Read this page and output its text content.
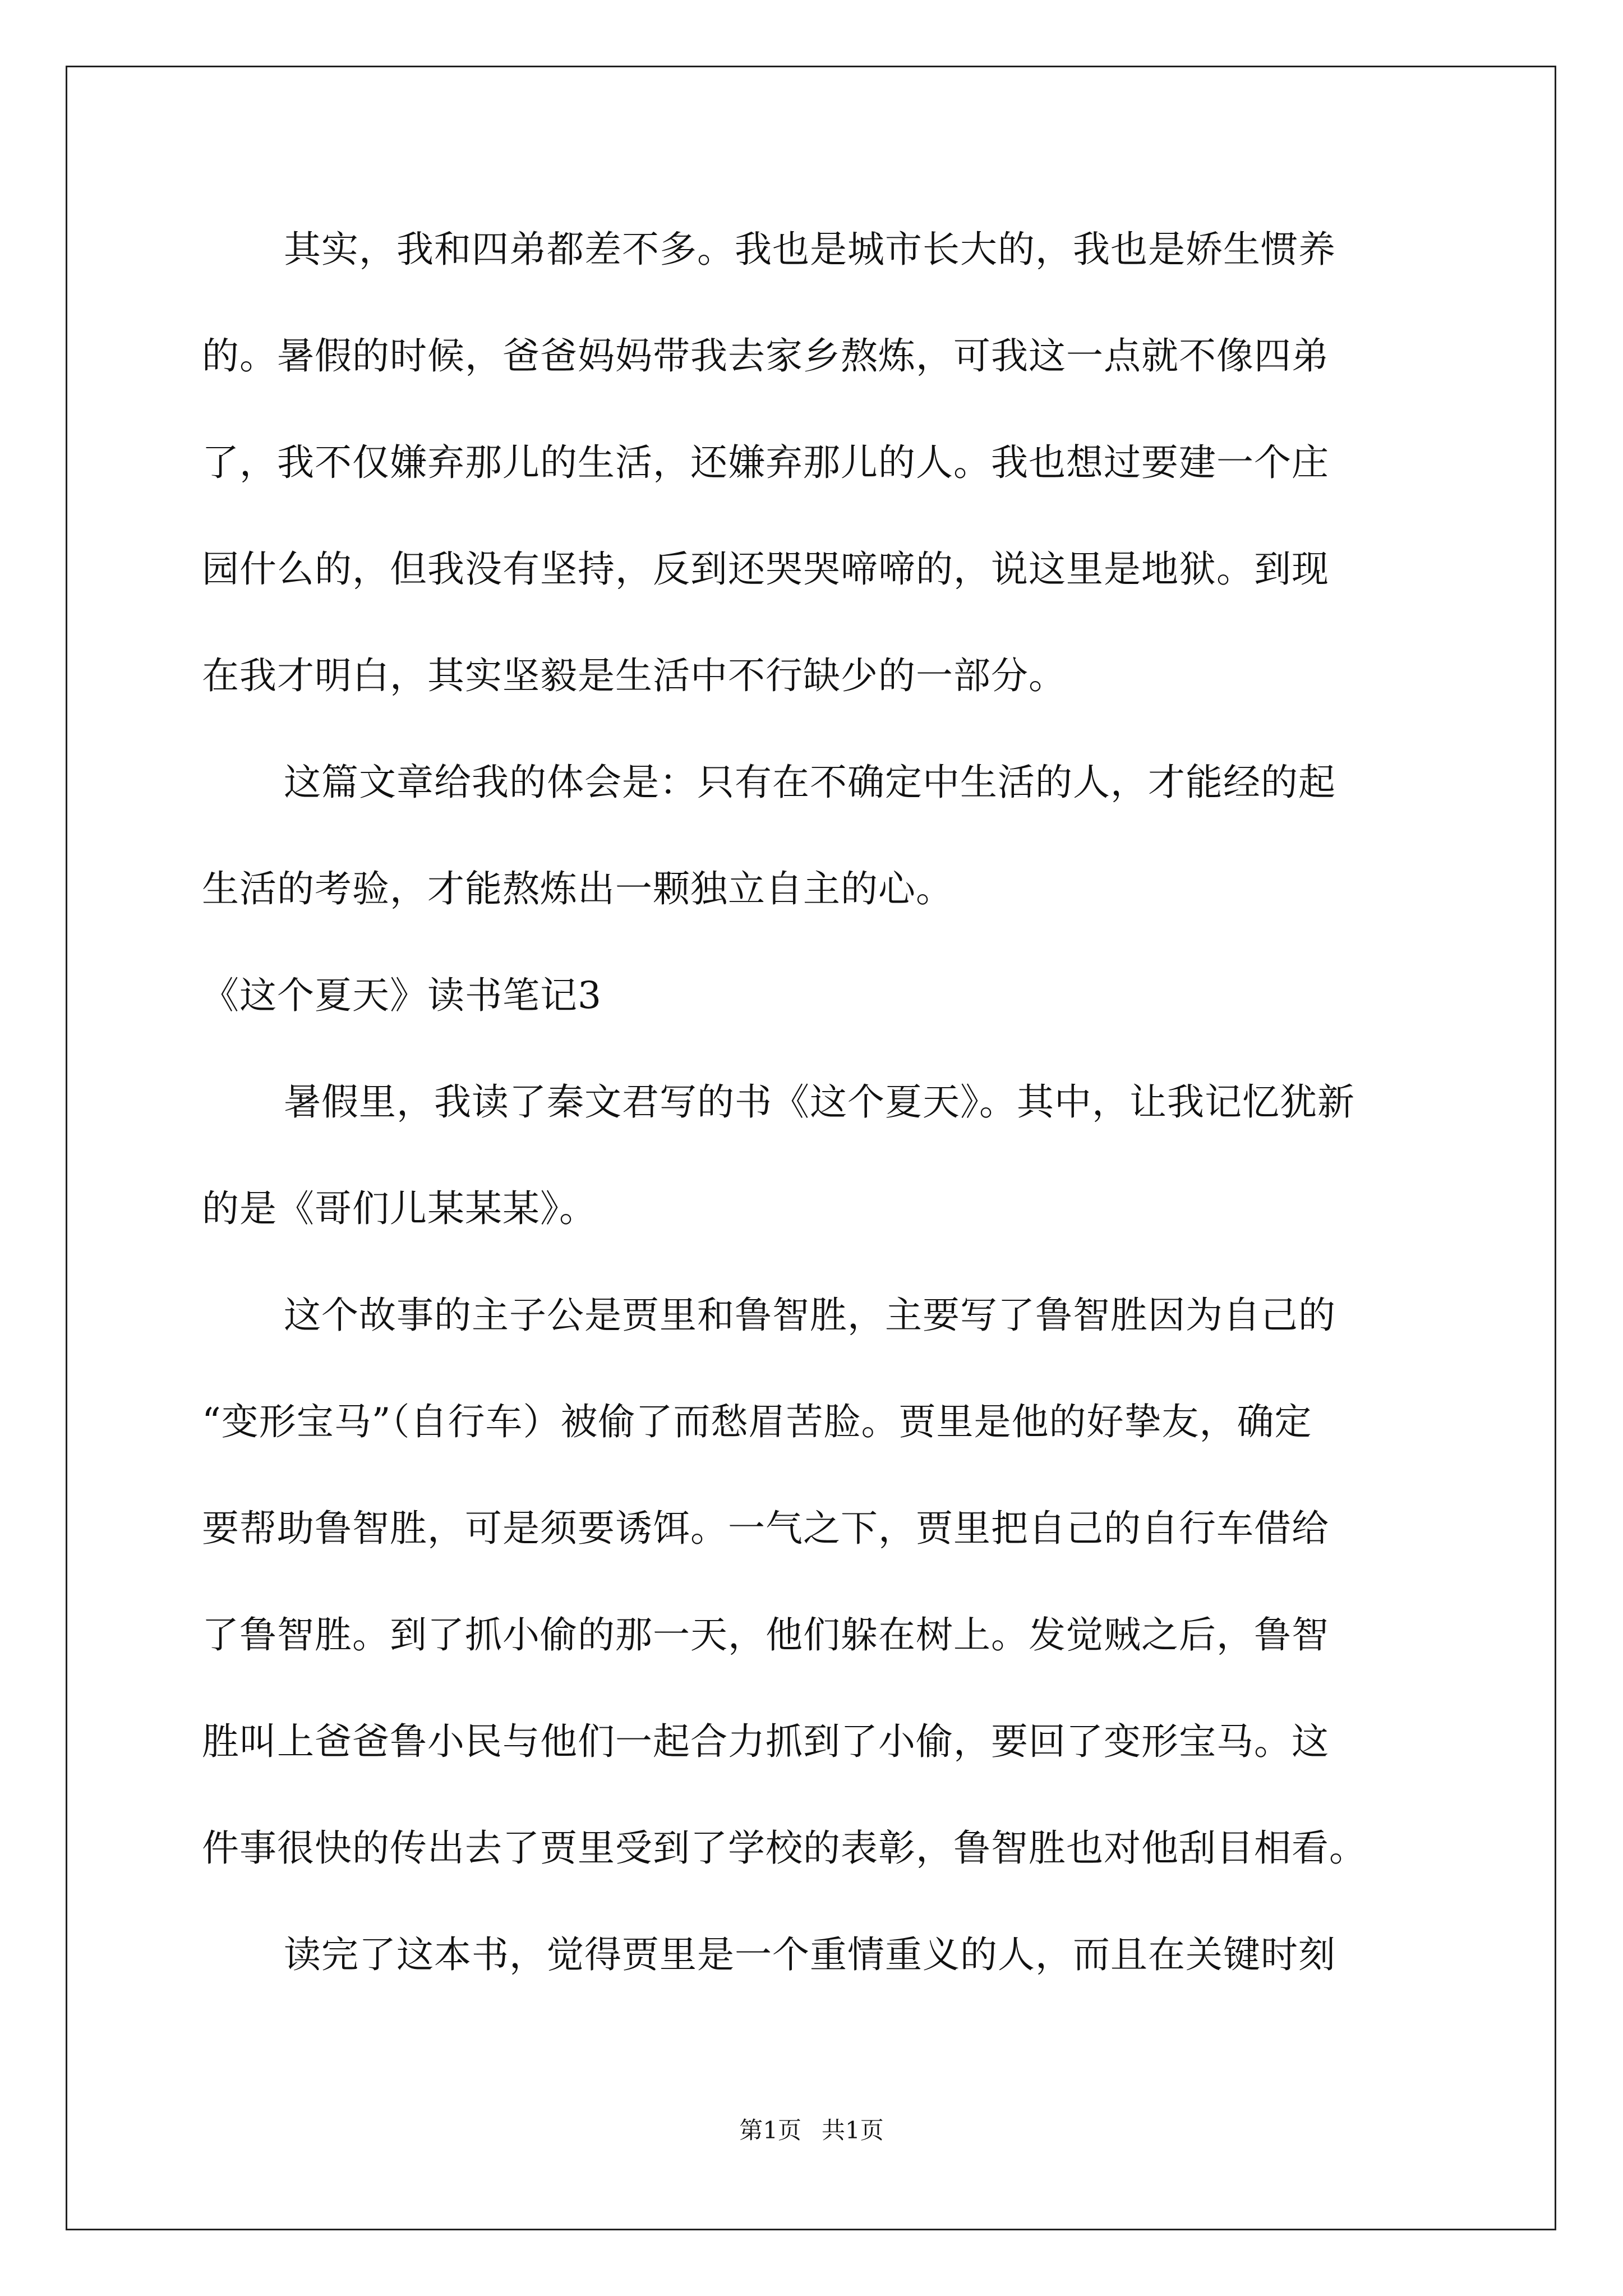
其实，我和四弟都差不多。我也是城市长大的，我也是娇生惯养
的。暑假的时候，爸爸妈妈带我去家乡熬炼，可我这一点就不像四弟
了，我不仅嫌弃那儿的生活，还嫌弃那儿的人。我也想过要建一个庄
园什么的，但我没有坚持，反到还哭哭啼啼的，说这里是地狱。到现
在我才明白，其实坚毅是生活中不行缺少的一部分。
这篇文章给我的体会是：只有在不确定中生活的人，才能经的起
生活的考验，才能熬炼出一颗独立自主的心。
《这个夏天》读书笔记3
暑假里，我读了秦文君写的书《这个夏天》。其中，让我记忆犹新
的是《哥们儿某某某》。
这个故事的主子公是贾里和鲁智胜，主要写了鲁智胜因为自己的
“变形宝马”（自行车）被偷了而愁眉苦脸。贾里是他的好挚友，确定
要帮助鲁智胜，可是须要诱饵。一气之下，贾里把自己的自行车借给
了鲁智胜。到了抓小偷的那一天，他们躲在树上。发觉贼之后，鲁智
胜叫上爸爸鲁小民与他们一起合力抓到了小偷，要回了变形宝马。这
件事很快的传出去了贾里受到了学校的表彰，鲁智胜也对他刮目相看。
读完了这本书，觉得贾里是一个重情重义的人，而且在关键时刻
第1页 共1页
